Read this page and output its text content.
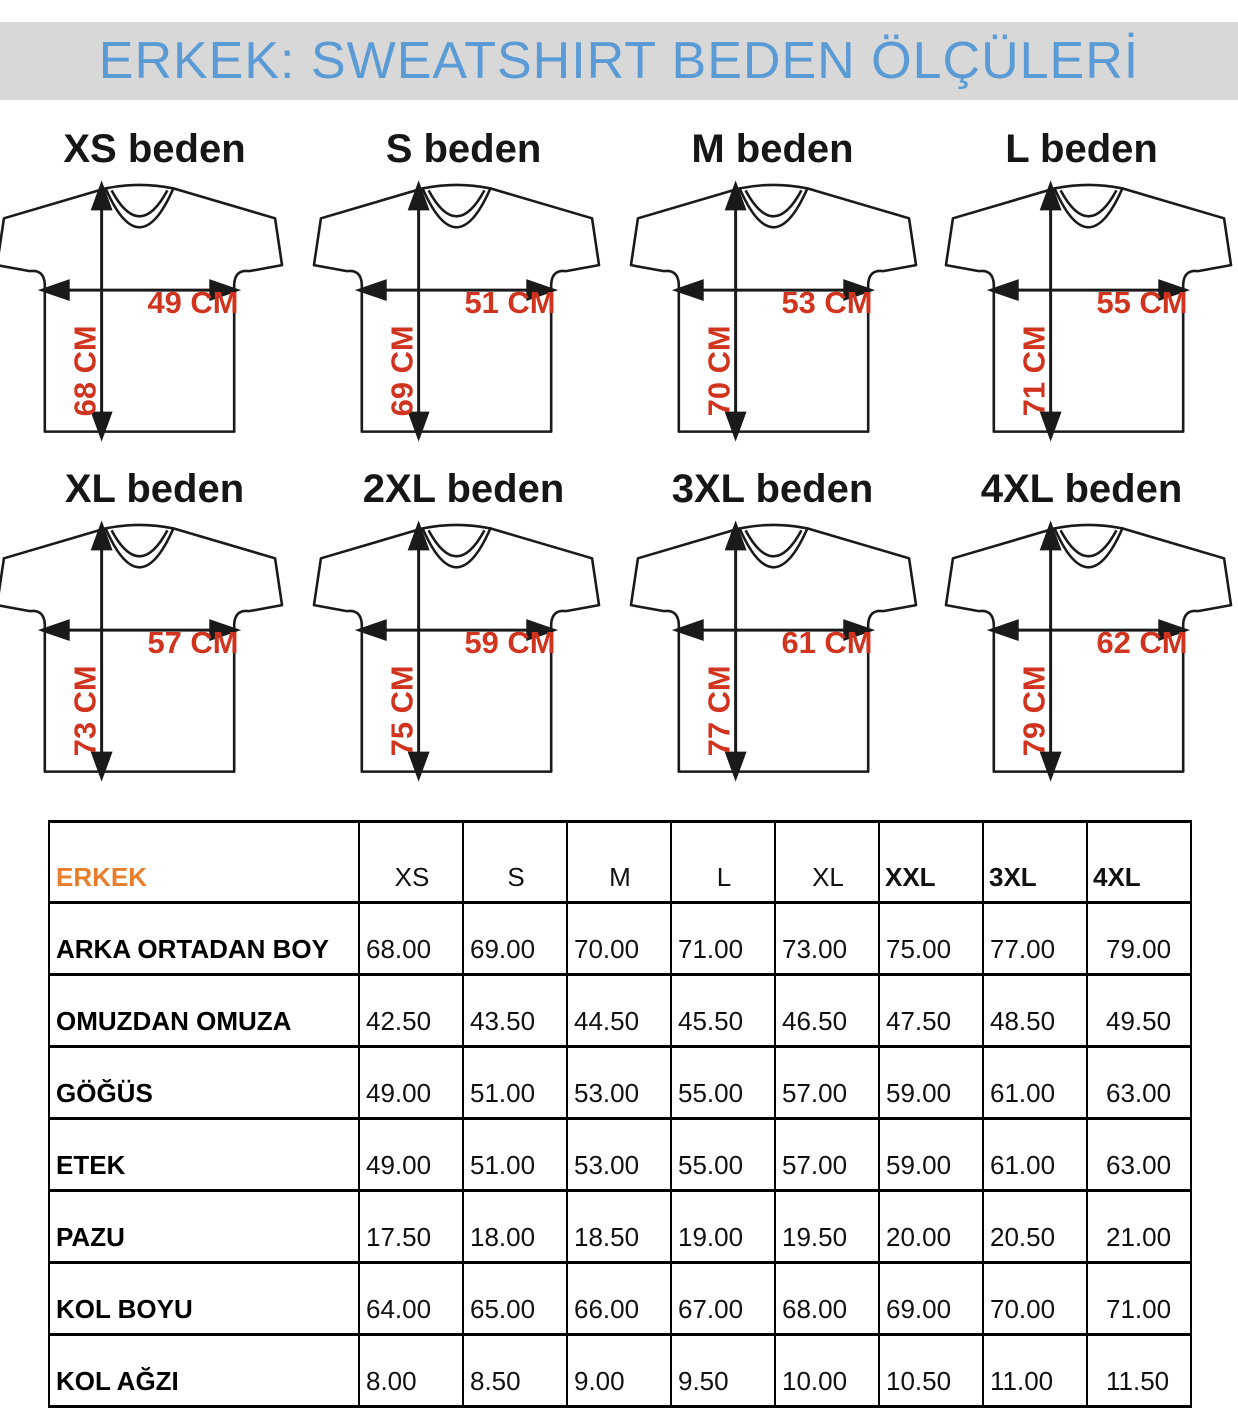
ERKEK: SWEATSHIRT BEDEN ÖLÇÜLERİ
XS beden
49 CM
68 CM
S beden
51 CM
69 CM
M beden
53 CM
70 CM
L beden
55 CM
71 CM
XL beden
57 CM
73 CM
2XL beden
59 CM
75 CM
3XL beden
61 CM
77 CM
4XL beden
62 CM
79 CM
ERKEK	XS	S	M	L	XL	XXL	3XL	4XL
ARKA ORTADAN BOY	68.00	69.00	70.00	71.00	73.00	75.00	77.00	79.00
OMUZDAN OMUZA	42.50	43.50	44.50	45.50	46.50	47.50	48.50	49.50
GÖĞÜS	49.00	51.00	53.00	55.00	57.00	59.00	61.00	63.00
ETEK	49.00	51.00	53.00	55.00	57.00	59.00	61.00	63.00
PAZU	17.50	18.00	18.50	19.00	19.50	20.00	20.50	21.00
KOL BOYU	64.00	65.00	66.00	67.00	68.00	69.00	70.00	71.00
KOL AĞZI	8.00	8.50	9.00	9.50	10.00	10.50	11.00	11.50
